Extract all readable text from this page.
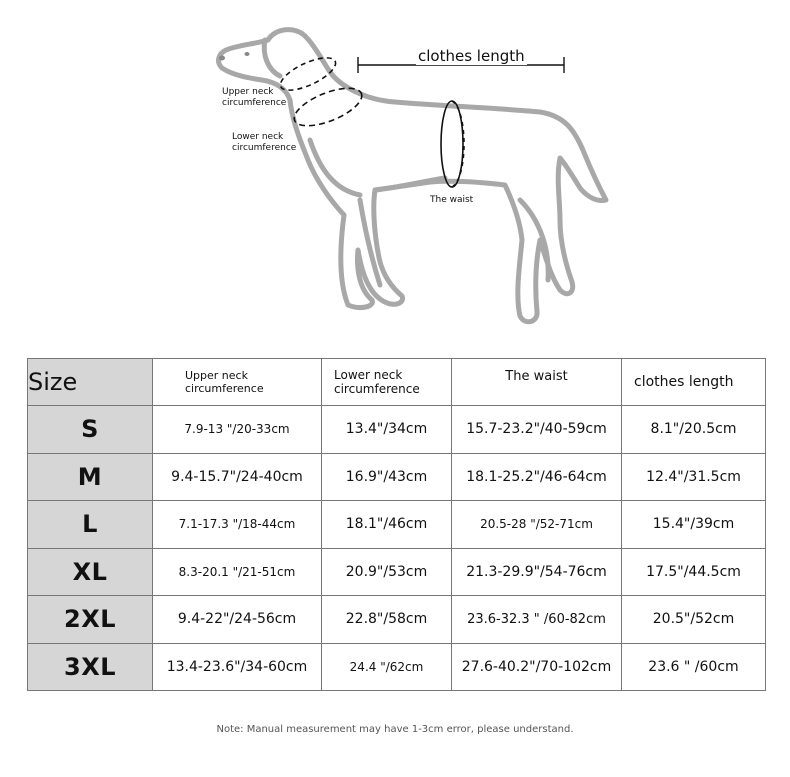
Upper neck circumference
Lower neck circumference
clothes length
The waist
Size	Upper neck circumference	Lower neck circumference	The waist	clothes length
S	7.9-13 "/20-33cm	13.4"/34cm	15.7-23.2"/40-59cm	8.1"/20.5cm
M	9.4-15.7"/24-40cm	16.9"/43cm	18.1-25.2"/46-64cm	12.4"/31.5cm
L	7.1-17.3 "/18-44cm	18.1"/46cm	20.5-28 "/52-71cm	15.4"/39cm
XL	8.3-20.1 "/21-51cm	20.9"/53cm	21.3-29.9"/54-76cm	17.5"/44.5cm
2XL	9.4-22"/24-56cm	22.8"/58cm	23.6-32.3 " /60-82cm	20.5"/52cm
3XL	13.4-23.6"/34-60cm	24.4 "/62cm	27.6-40.2"/70-102cm	23.6 " /60cm
Note: Manual measurement may have 1-3cm error, please understand.
